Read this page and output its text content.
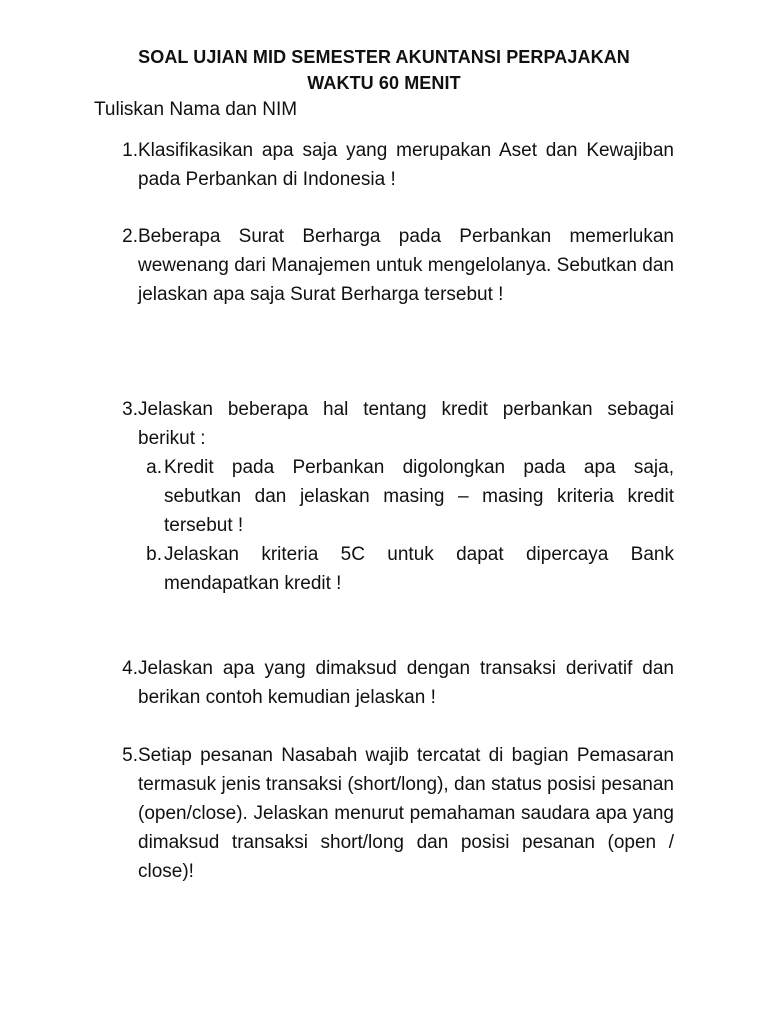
SOAL UJIAN MID SEMESTER AKUNTANSI PERPAJAKAN
WAKTU 60 MENIT
Tuliskan Nama dan NIM
1. Klasifikasikan apa saja yang merupakan Aset dan Kewajiban pada Perbankan di Indonesia !
2. Beberapa Surat Berharga pada Perbankan memerlukan wewenang dari Manajemen untuk mengelolanya. Sebutkan dan jelaskan apa saja Surat Berharga tersebut !
3. Jelaskan beberapa hal tentang kredit perbankan sebagai berikut :
a. Kredit pada Perbankan digolongkan pada apa saja, sebutkan dan jelaskan masing – masing kriteria kredit tersebut !
b. Jelaskan kriteria 5C untuk dapat dipercaya Bank mendapatkan kredit !
4. Jelaskan apa yang dimaksud dengan transaksi derivatif dan berikan contoh kemudian jelaskan !
5. Setiap pesanan Nasabah wajib tercatat di bagian Pemasaran termasuk jenis transaksi (short/long), dan status posisi pesanan (open/close). Jelaskan menurut pemahaman saudara apa yang dimaksud transaksi short/long dan posisi pesanan (open / close)!
